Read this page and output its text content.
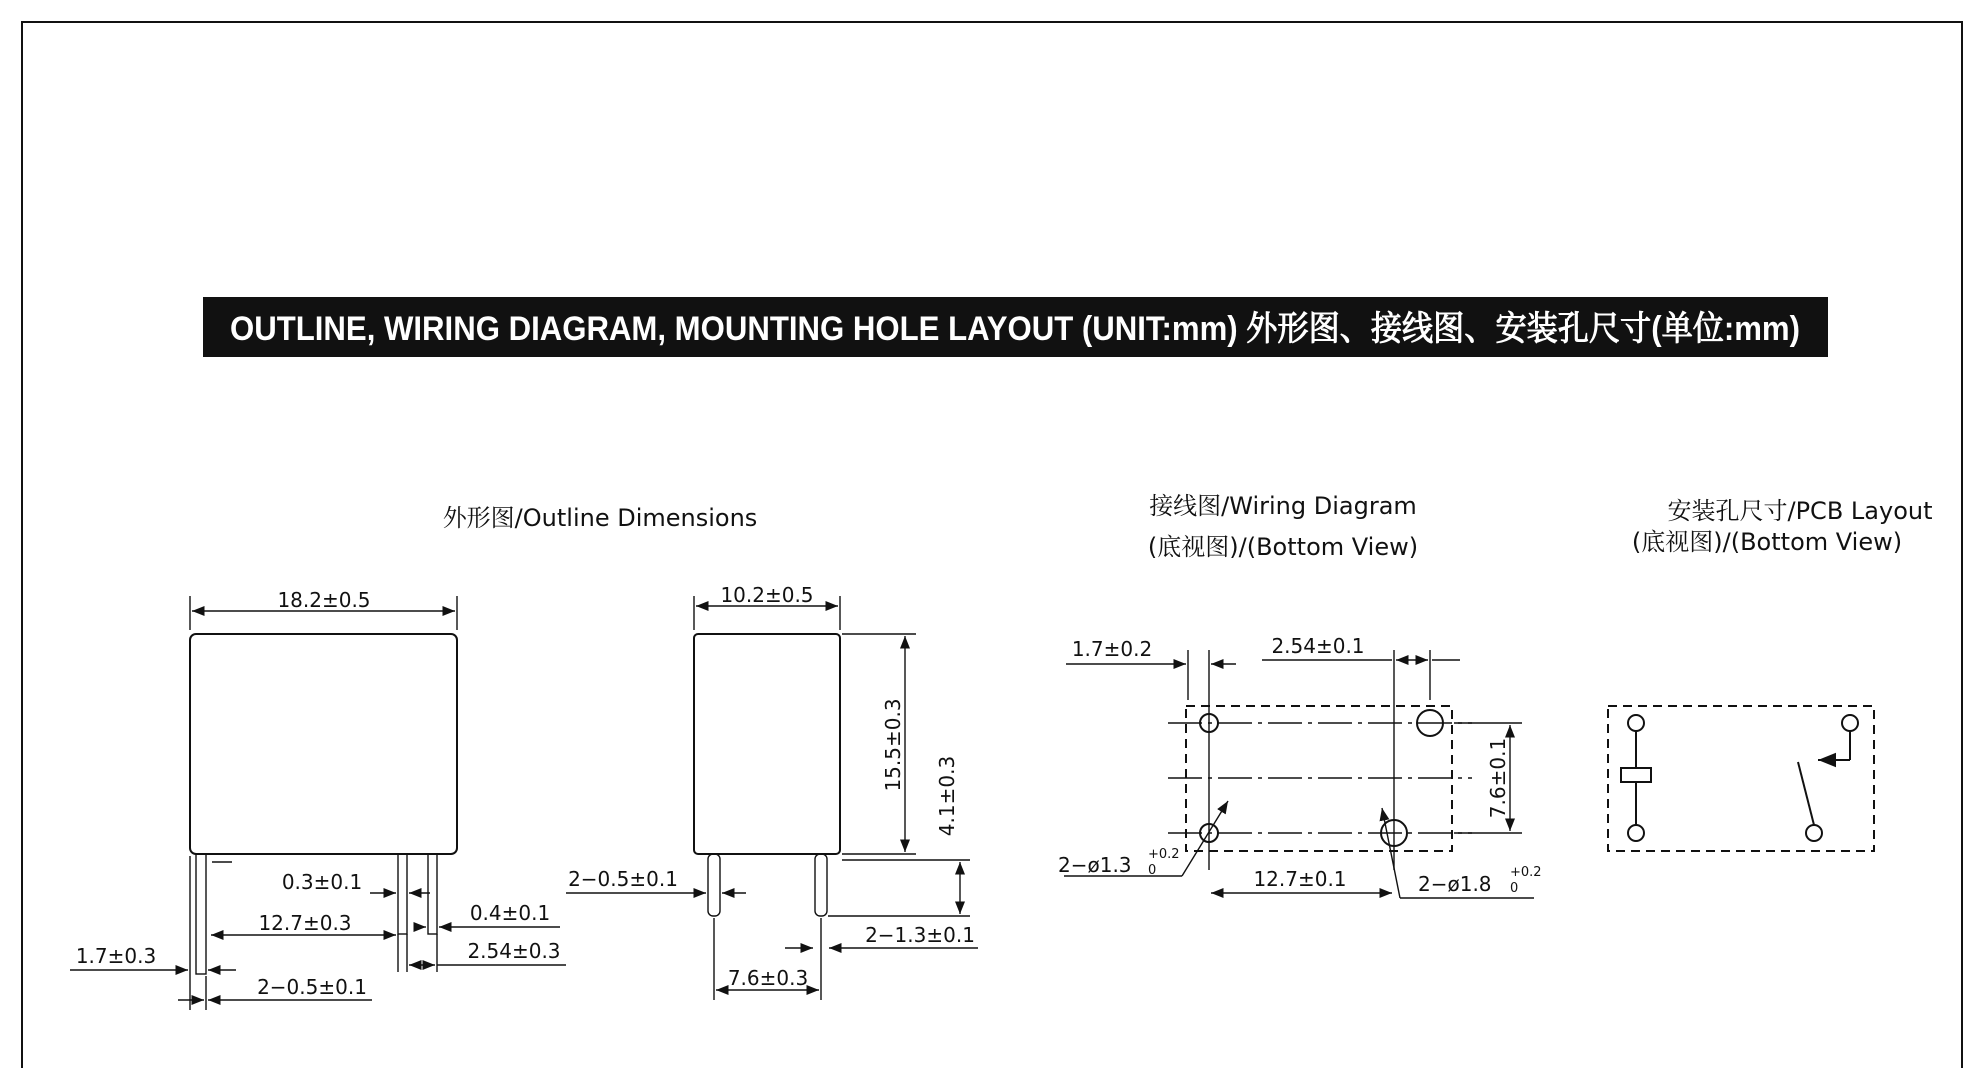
OUTLINE, WIRING DIAGRAM, MOUNTING HOLE LAYOUT (UNIT:mm) 外形图、接线图、安装孔尺寸(单位:mm)
外形图/Outline Dimensions
18.2±0.5
0.3±0.1
12.7±0.3	0.4±0.1
2.54±0.3
1.7±0.3
2−0.5±0.1
10.2±0.5
15.5±0.3
4.1±0.3
2−0.5±0.1
2−1.3±0.1
7.6±0.3
接线图/Wiring Diagram
(底视图)/(Bottom View)
1.7±0.2	2.54±0.1
7.6±0.1
12.7±0.1
2−ø1.3 +0.2
0
2−ø1.8 +0.2
0
安装孔尺寸/PCB Layout
(底视图)/(Bottom View)
